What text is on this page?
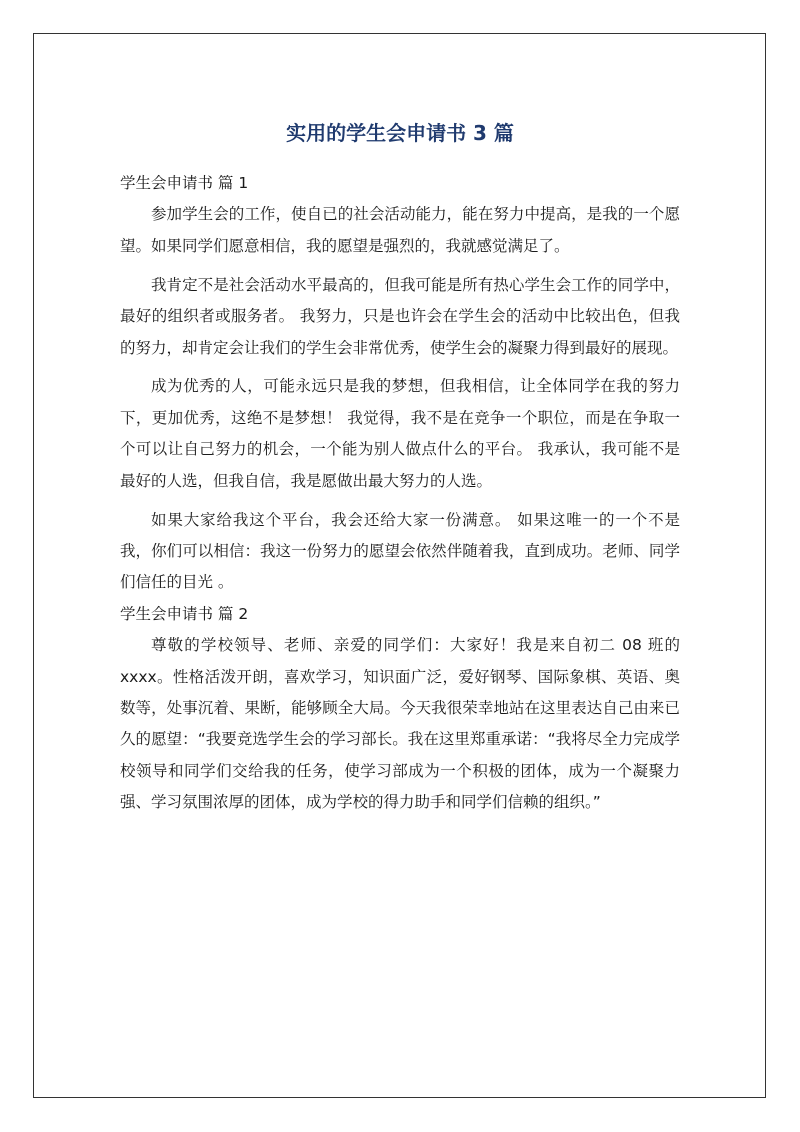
实用的学生会申请书 3 篇

学生会申请书 篇 1

参加学生会的工作，使自已的社会活动能力，能在努力中提高，是我的一个愿望。如果同学们愿意相信，我的愿望是强烈的，我就感觉满足了。

我肯定不是社会活动水平最高的，但我可能是所有热心学生会工作的同学中，最好的组织者或服务者。 我努力，只是也许会在学生会的活动中比较出色，但我的努力，却肯定会让我们的学生会非常优秀，使学生会的凝聚力得到最好的展现。

成为优秀的人，可能永远只是我的梦想，但我相信，让全体同学在我的努力下，更加优秀，这绝不是梦想！ 我觉得，我不是在竞争一个职位，而是在争取一个可以让自己努力的机会，一个能为别人做点什么的平台。 我承认，我可能不是最好的人选，但我自信，我是愿做出最大努力的人选。

如果大家给我这个平台，我会还给大家一份满意。 如果这唯一的一个不是我，你们可以相信：我这一份努力的愿望会依然伴随着我，直到成功。老师、同学们信任的目光 。

学生会申请书 篇 2

尊敬的学校领导、老师、亲爱的同学们：大家好！我是来自初二 08 班的xxxx。性格活泼开朗，喜欢学习，知识面广泛，爱好钢琴、国际象棋、英语、奥数等，处事沉着、果断，能够顾全大局。今天我很荣幸地站在这里表达自己由来已久的愿望：“我要竞选学生会的学习部长。我在这里郑重承诺：“我将尽全力完成学校领导和同学们交给我的任务，使学习部成为一个积极的团体，成为一个凝聚力强、学习氛围浓厚的团体，成为学校的得力助手和同学们信赖的组织。”
